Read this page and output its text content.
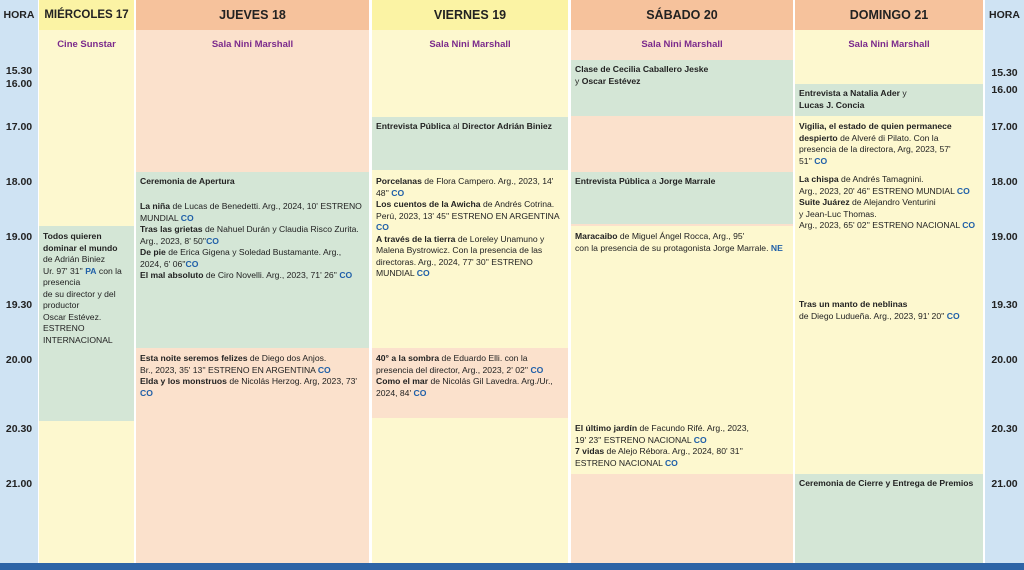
HORA
15.30
16.00
17.00
18.00
19.00
19.30
20.00
20.30
21.00
MIÉRCOLES 17
Cine Sunstar
Todos quieren dominar el mundo
de Adrián Biniez
Ur. 97' 31'' PA con la
presencia
de su director y del
productor
Oscar Estévez.
ESTRENO
INTERNACIONAL
JUEVES 18
Sala Nini Marshall
Ceremonia de Apertura
La niña de Lucas de Benedetti. Arg., 2024, 10' ESTRENO
MUNDIAL CO
Tras las grietas de Nahuel Durán y Claudia Risco Zurita.
Arg., 2023, 8' 50''CO
De pie de Erica Gigena y Soledad Bustamante. Arg.,
2024, 6' 06''CO
El mal absoluto de Ciro Novelli. Arg., 2023, 71' 26'' CO
Esta noite seremos felizes de Diego dos Anjos.
Br., 2023, 35' 13'' ESTRENO EN ARGENTINA CO
Elda y los monstruos de Nicolás Herzog. Arg, 2023, 73'
CO
VIERNES 19
Sala Nini Marshall
Entrevista Pública al Director Adrián Biniez
Porcelanas de Flora Campero. Arg., 2023, 14'
48'' CO
Los cuentos de la Awicha de Andrés Cotrina.
Perú, 2023, 13' 45'' ESTRENO EN ARGENTINA
CO
A través de la tierra de Loreley Unamuno y
Malena Bystrowicz. Con la presencia de las
directoras. Arg., 2024, 77' 30'' ESTRENO
MUNDIAL CO
40° a la sombra de Eduardo Elli. con la
presencia del director, Arg., 2023, 2' 02'' CO
Como el mar de Nicolás Gil Lavedra. Arg./Ur.,
2024, 84' CO
SÁBADO 20
Sala Nini Marshall
Clase de Cecilia Caballero Jeske
y Oscar Estévez
Entrevista Pública a Jorge Marrale
Maracaibo de Miguel Ángel Rocca, Arg., 95'
con la presencia de su protagonista Jorge Marrale. NE
El último jardín de Facundo Rifé. Arg., 2023,
19' 23'' ESTRENO NACIONAL CO
7 vidas de Alejo Rébora. Arg., 2024, 80' 31''
ESTRENO NACIONAL CO
DOMINGO 21
Sala Nini Marshall
Entrevista a Natalia Ader y
Lucas J. Concia
Vigilia, el estado de quien permanece
despierto de Alveré di Pilato. Con la
presencia de la directora, Arg, 2023, 57'
51'' CO
La chispa de Andrés Tamagnini.
Arg., 2023, 20' 46'' ESTRENO MUNDIAL CO
Suite Juárez de Alejandro Venturini
y Jean-Luc Thomas.
Arg., 2023, 65' 02'' ESTRENO NACIONAL CO
Tras un manto de neblinas
de Diego Ludueña. Arg., 2023, 91' 20'' CO
Ceremonia de Cierre y Entrega de Premios
HORA
15.30
16.00
17.00
18.00
19.00
19.30
20.00
20.30
21.00
